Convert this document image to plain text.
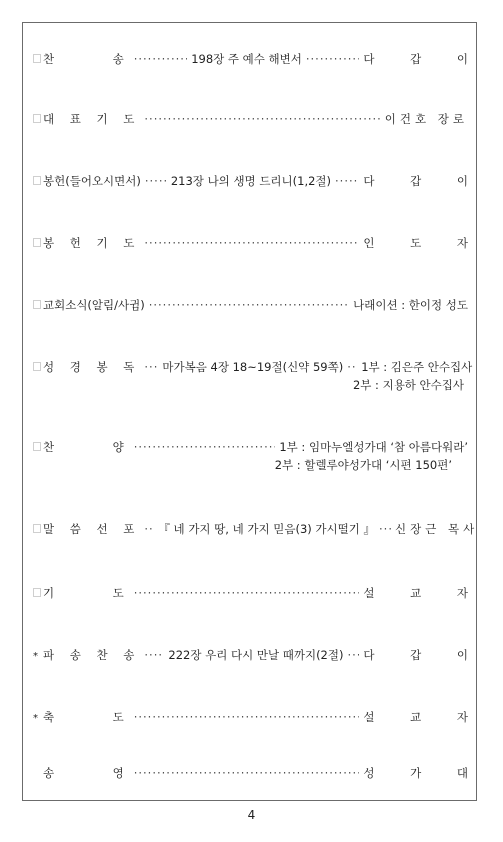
찬　　　송 ·····	198장 주 예수 해변서 ·····	다 갑 이
대 표 기 도 ·····	이건호 장로
봉헌(들어오시면서) ·····	213장 나의 생명 드리니(1,2절) ·····	다 갑 이
봉 헌 기 도 ·····	인 도 자
교회소식(알림/사귐) ·····	나래이션 : 한이정 성도
성 경 봉 독 ····· 마가복음 4장 18~19절(신약 59쪽) ····· 1부 : 김은주 안수집사
2부 : 지용하 안수집사
찬　　　양 ·····	1부 : 임마누엘성가대 ‘참 아름다워라’
2부 : 할렐루야성가대 ‘시편 150편’
말 씀 선 포 ····· 『 네 가지 땅, 네 가지 믿음(3) 가시떨기 』 ····· 신장근 목사
기　　　도 ·····	설 교 자
* 파 송 찬 송 ····· 222장 우리 다시 만날 때까지(2절) ····· 다 갑 이
* 축　　　도 ·····	설 교 자
송　　　영 ·····	성 가 대
4
